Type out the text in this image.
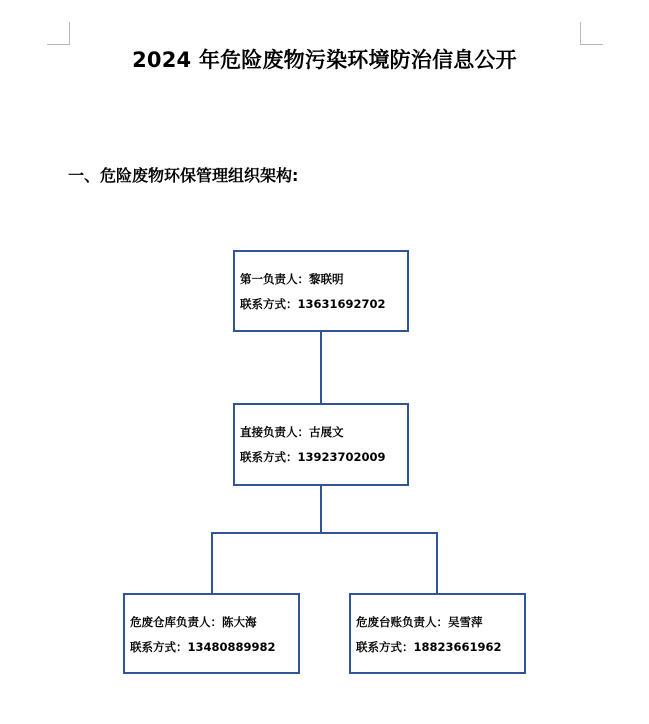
2024 年危险废物污染环境防治信息公开
一、危险废物环保管理组织架构:
第一负责人：黎联明
联系方式：13631692702
直接负责人：古展文
联系方式：13923702009
危废仓库负责人：陈大海
联系方式：13480889982
危废台账负责人：吴雪萍
联系方式：18823661962
